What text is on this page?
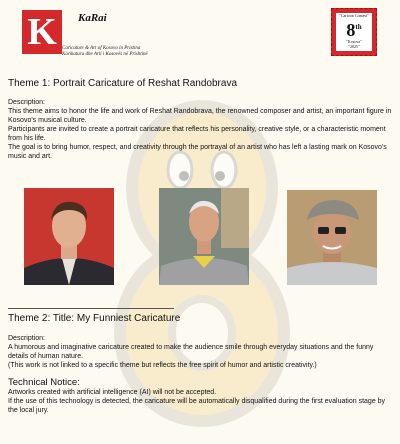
K	KaRai
Caricature & Art of Kosovo in Pristina
Karikatura dhe Arti i Kosovës në Prishtinë
"Cartoon Contest"
8th
"Kosova"
"2025"
Theme 1: Portrait Caricature of Reshat Randobrava
Description:
This theme aims to honor the life and work of Reshat Randobrava, the renowned composer and artist, an important figure in Kosovo's musical culture.
Participants are invited to create a portrait caricature that reflects his personality, creative style, or a characteristic moment from his life.
The goal is to bring humor, respect, and creativity through the portrayal of an artist who has left a lasting mark on Kosovo's music and art.
Theme 2: Title: My Funniest Caricature
Description:
A humorous and imaginative caricature created to make the audience smile through everyday situations and the funny details of human nature.
(This work is not linked to a specific theme but reflects the free spirit of humor and artistic creativity.)
Technical Notice:
Artworks created with artificial intelligence (AI) will not be accepted.
If the use of this technology is detected, the caricature will be automatically disqualified during the first evaluation stage by the local jury.
